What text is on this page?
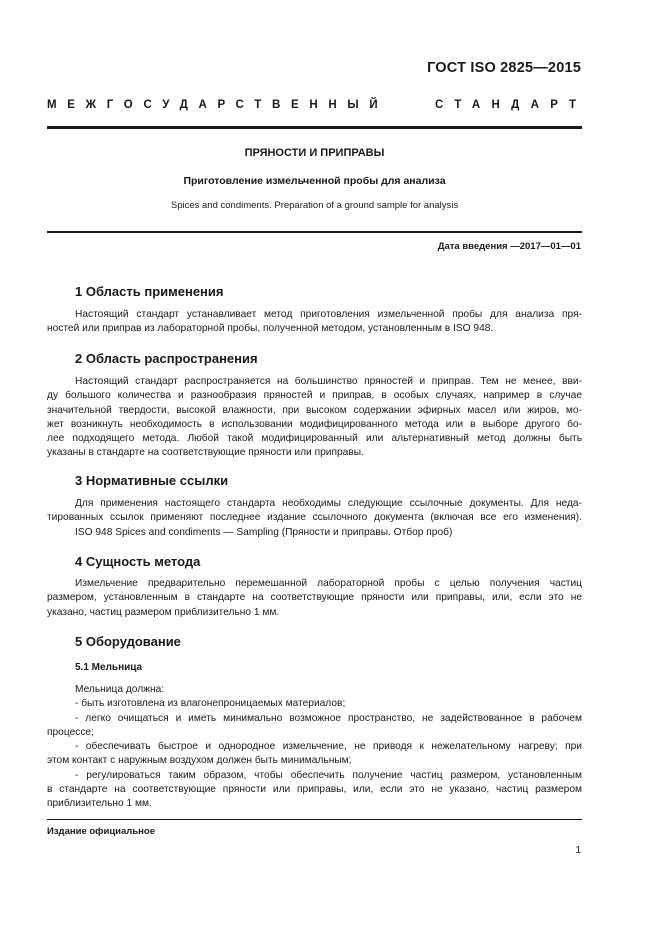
ГОСТ ISO 2825—2015
МЕЖГОСУДАРСТВЕННЫЙ	СТАНДАРТ
ПРЯНОСТИ И ПРИПРАВЫ
Приготовление измельченной пробы для анализа
Spices and condiments. Preparation of a ground sample for analysis
Дата введения —2017—01—01
1 Область применения

Настоящий стандарт устанавливает метод приготовления измельченной пробы для анализа пря-
ностей или приправ из лабораторной пробы, полученной методом, установленным в ISO 948.

2 Область распространения

Настоящий стандарт распространяется на большинство пряностей и приправ. Тем не менее, вви-
ду большого количества и разнообразия пряностей и приправ, в особых случаях, например в случае
значительной твердости, высокой влажности, при высоком содержании эфирных масел или жиров, мо-
жет возникнуть необходимость в использовании модифицированного метода или в выборе другого бо-
лее подходящего метода. Любой такой модифицированный или альтернативный метод должны быть
указаны в стандарте на соответствующие пряности или приправы.

3 Нормативные ссылки

Для применения настоящего стандарта необходимы следующие ссылочные документы. Для неда-
тированных ссылок применяют последнее издание ссылочного документа (включая все его изменения).
ISO 948 Spices and condiments — Sampling (Пряности и приправы. Отбор проб)

4 Сущность метода

Измельчение предварительно перемешанной лабораторной пробы с целью получения частиц
размером, установленным в стандарте на соответствующие пряности или приправы, или, если это не
указано, частиц размером приблизительно 1 мм.

5 Оборудование
5.1 Мельница

Мельница должна:
- быть изготовлена из влагонепроницаемых материалов;
- легко очищаться и иметь минимально возможное пространство, не задействованное в рабочем
процессе;
- обеспечивать быстрое и однородное измельчение, не приводя к нежелательному нагреву; при
этом контакт с наружным воздухом должен быть минимальным;
- регулироваться таким образом, чтобы обеспечить получение частиц размером, установленным
в стандарте на соответствующие пряности или приправы, или, если это не указано, частиц размером
приблизительно 1 мм.

Издание официальное
1
